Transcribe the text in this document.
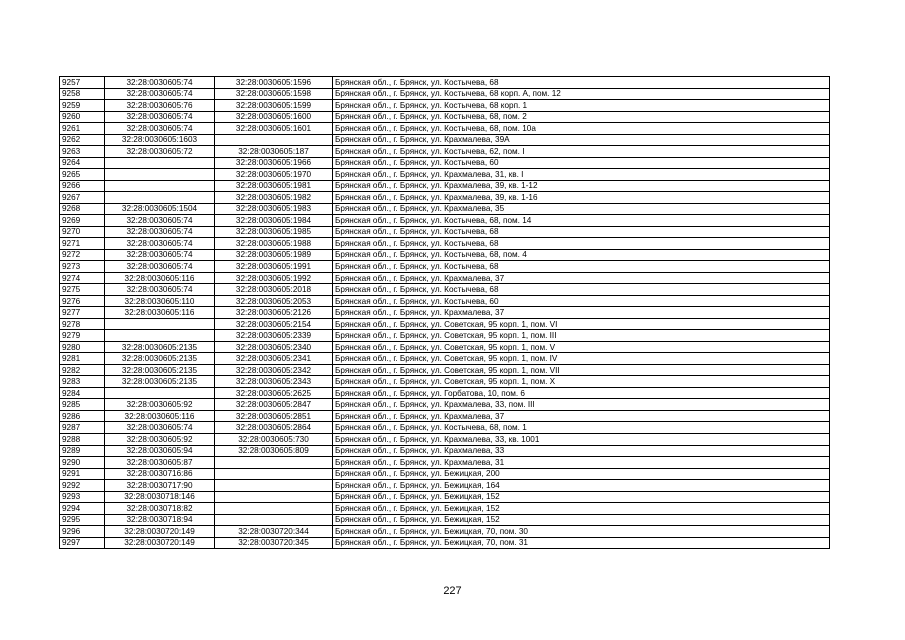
9257	32:28:0030605:74	32:28:0030605:1596	Брянская обл., г. Брянск, ул. Костычева, 68
9258	32:28:0030605:74	32:28:0030605:1598	Брянская обл., г. Брянск, ул. Костычева, 68 корп. А, пом. 12
9259	32:28:0030605:76	32:28:0030605:1599	Брянская обл., г. Брянск, ул. Костычева, 68 корп. 1
9260	32:28:0030605:74	32:28:0030605:1600	Брянская обл., г. Брянск, ул. Костычева, 68, пом. 2
9261	32:28:0030605:74	32:28:0030605:1601	Брянская обл., г. Брянск, ул. Костычева, 68, пом. 10а
9262	32:28:0030605:1603		Брянская обл., г. Брянск, ул. Крахмалева, 39А
9263	32:28:0030605:72	32:28:0030605:187	Брянская обл., г. Брянск, ул. Костычева, 62, пом. I
9264		32:28:0030605:1966	Брянская обл., г. Брянск, ул. Костычева, 60
9265		32:28:0030605:1970	Брянская обл., г. Брянск, ул. Крахмалева, 31, кв. I
9266		32:28:0030605:1981	Брянская обл., г. Брянск, ул. Крахмалева, 39, кв. 1-12
9267		32:28:0030605:1982	Брянская обл., г. Брянск, ул. Крахмалева, 39, кв. 1-16
9268	32:28:0030605:1504	32:28:0030605:1983	Брянская обл., г. Брянск, ул. Крахмалева, 35
9269	32:28:0030605:74	32:28:0030605:1984	Брянская обл., г. Брянск, ул. Костычева, 68, пом. 14
9270	32:28:0030605:74	32:28:0030605:1985	Брянская обл., г. Брянск, ул. Костычева, 68
9271	32:28:0030605:74	32:28:0030605:1988	Брянская обл., г. Брянск, ул. Костычева, 68
9272	32:28:0030605:74	32:28:0030605:1989	Брянская обл., г. Брянск, ул. Костычева, 68, пом. 4
9273	32:28:0030605:74	32:28:0030605:1991	Брянская обл., г. Брянск, ул. Костычева, 68
9274	32:28:0030605:116	32:28:0030605:1992	Брянская обл., г. Брянск, ул. Крахмалева, 37
9275	32:28:0030605:74	32:28:0030605:2018	Брянская обл., г. Брянск, ул. Костычева, 68
9276	32:28:0030605:110	32:28:0030605:2053	Брянская обл., г. Брянск, ул. Костычева, 60
9277	32:28:0030605:116	32:28:0030605:2126	Брянская обл., г. Брянск, ул. Крахмалева, 37
9278		32:28:0030605:2154	Брянская обл., г. Брянск, ул. Советская, 95 корп. 1, пом. VI
9279		32:28:0030605:2339	Брянская обл., г. Брянск, ул. Советская, 95 корп. 1, пом. III
9280	32:28:0030605:2135	32:28:0030605:2340	Брянская обл., г. Брянск, ул. Советская, 95 корп. 1, пом. V
9281	32:28:0030605:2135	32:28:0030605:2341	Брянская обл., г. Брянск, ул. Советская, 95 корп. 1, пом. IV
9282	32:28:0030605:2135	32:28:0030605:2342	Брянская обл., г. Брянск, ул. Советская, 95 корп. 1, пом. VII
9283	32:28:0030605:2135	32:28:0030605:2343	Брянская обл., г. Брянск, ул. Советская, 95 корп. 1, пом. X
9284		32:28:0030605:2625	Брянская обл., г. Брянск, ул. Горбатова, 10, пом. 6
9285	32:28:0030605:92	32:28:0030605:2847	Брянская обл., г. Брянск, ул. Крахмалева, 33, пом. III
9286	32:28:0030605:116	32:28:0030605:2851	Брянская обл., г. Брянск, ул. Крахмалева, 37
9287	32:28:0030605:74	32:28:0030605:2864	Брянская обл., г. Брянск, ул. Костычева, 68, пом. 1
9288	32:28:0030605:92	32:28:0030605:730	Брянская обл., г. Брянск, ул. Крахмалева, 33, кв. 1001
9289	32:28:0030605:94	32:28:0030605:809	Брянская обл., г. Брянск, ул. Крахмалева, 33
9290	32:28:0030605:87		Брянская обл., г. Брянск, ул. Крахмалева, 31
9291	32:28:0030716:86		Брянская обл., г. Брянск, ул. Бежицкая, 200
9292	32:28:0030717:90		Брянская обл., г. Брянск, ул. Бежицкая, 164
9293	32:28:0030718:146		Брянская обл., г. Брянск, ул. Бежицкая, 152
9294	32:28:0030718:82		Брянская обл., г. Брянск, ул. Бежицкая, 152
9295	32:28:0030718:94		Брянская обл., г. Брянск, ул. Бежицкая, 152
9296	32:28:0030720:149	32:28:0030720:344	Брянская обл., г. Брянск, ул. Бежицкая, 70, пом. 30
9297	32:28:0030720:149	32:28:0030720:345	Брянская обл., г. Брянск, ул. Бежицкая, 70, пом. 31
227
